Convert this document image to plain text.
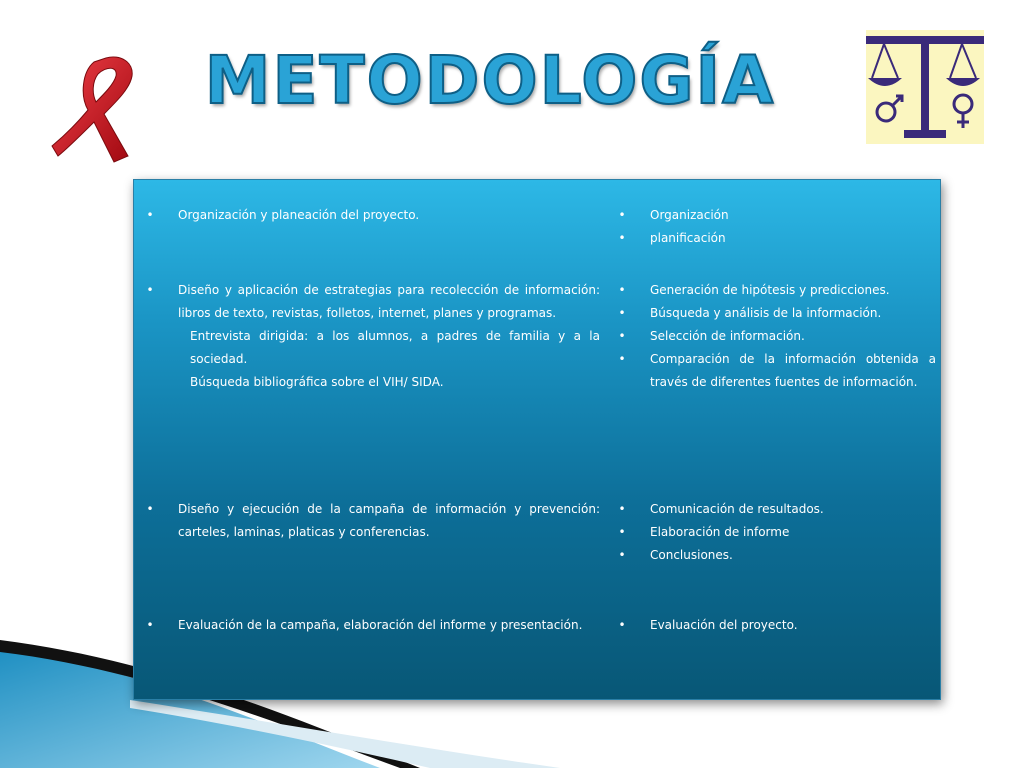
METODOLOGÍA
• Organización y planeación del proyecto.
• Diseño y aplicación de estrategias para recolección de información: libros de texto, revistas, folletos, internet, planes y programas.
Entrevista dirigida: a los alumnos, a padres de familia y a la sociedad.
Búsqueda bibliográfica sobre el VIH/ SIDA.
• Diseño y ejecución de la campaña de información y prevención: carteles, laminas, platicas y conferencias.
• Evaluación de la campaña, elaboración del informe y presentación.
• Organización
• planificación
• Generación de hipótesis y predicciones.
• Búsqueda y análisis de la información.
• Selección de información.
• Comparación de la información obtenida a través de diferentes fuentes de información.
• Comunicación de resultados.
• Elaboración de informe
• Conclusiones.
• Evaluación del proyecto.
